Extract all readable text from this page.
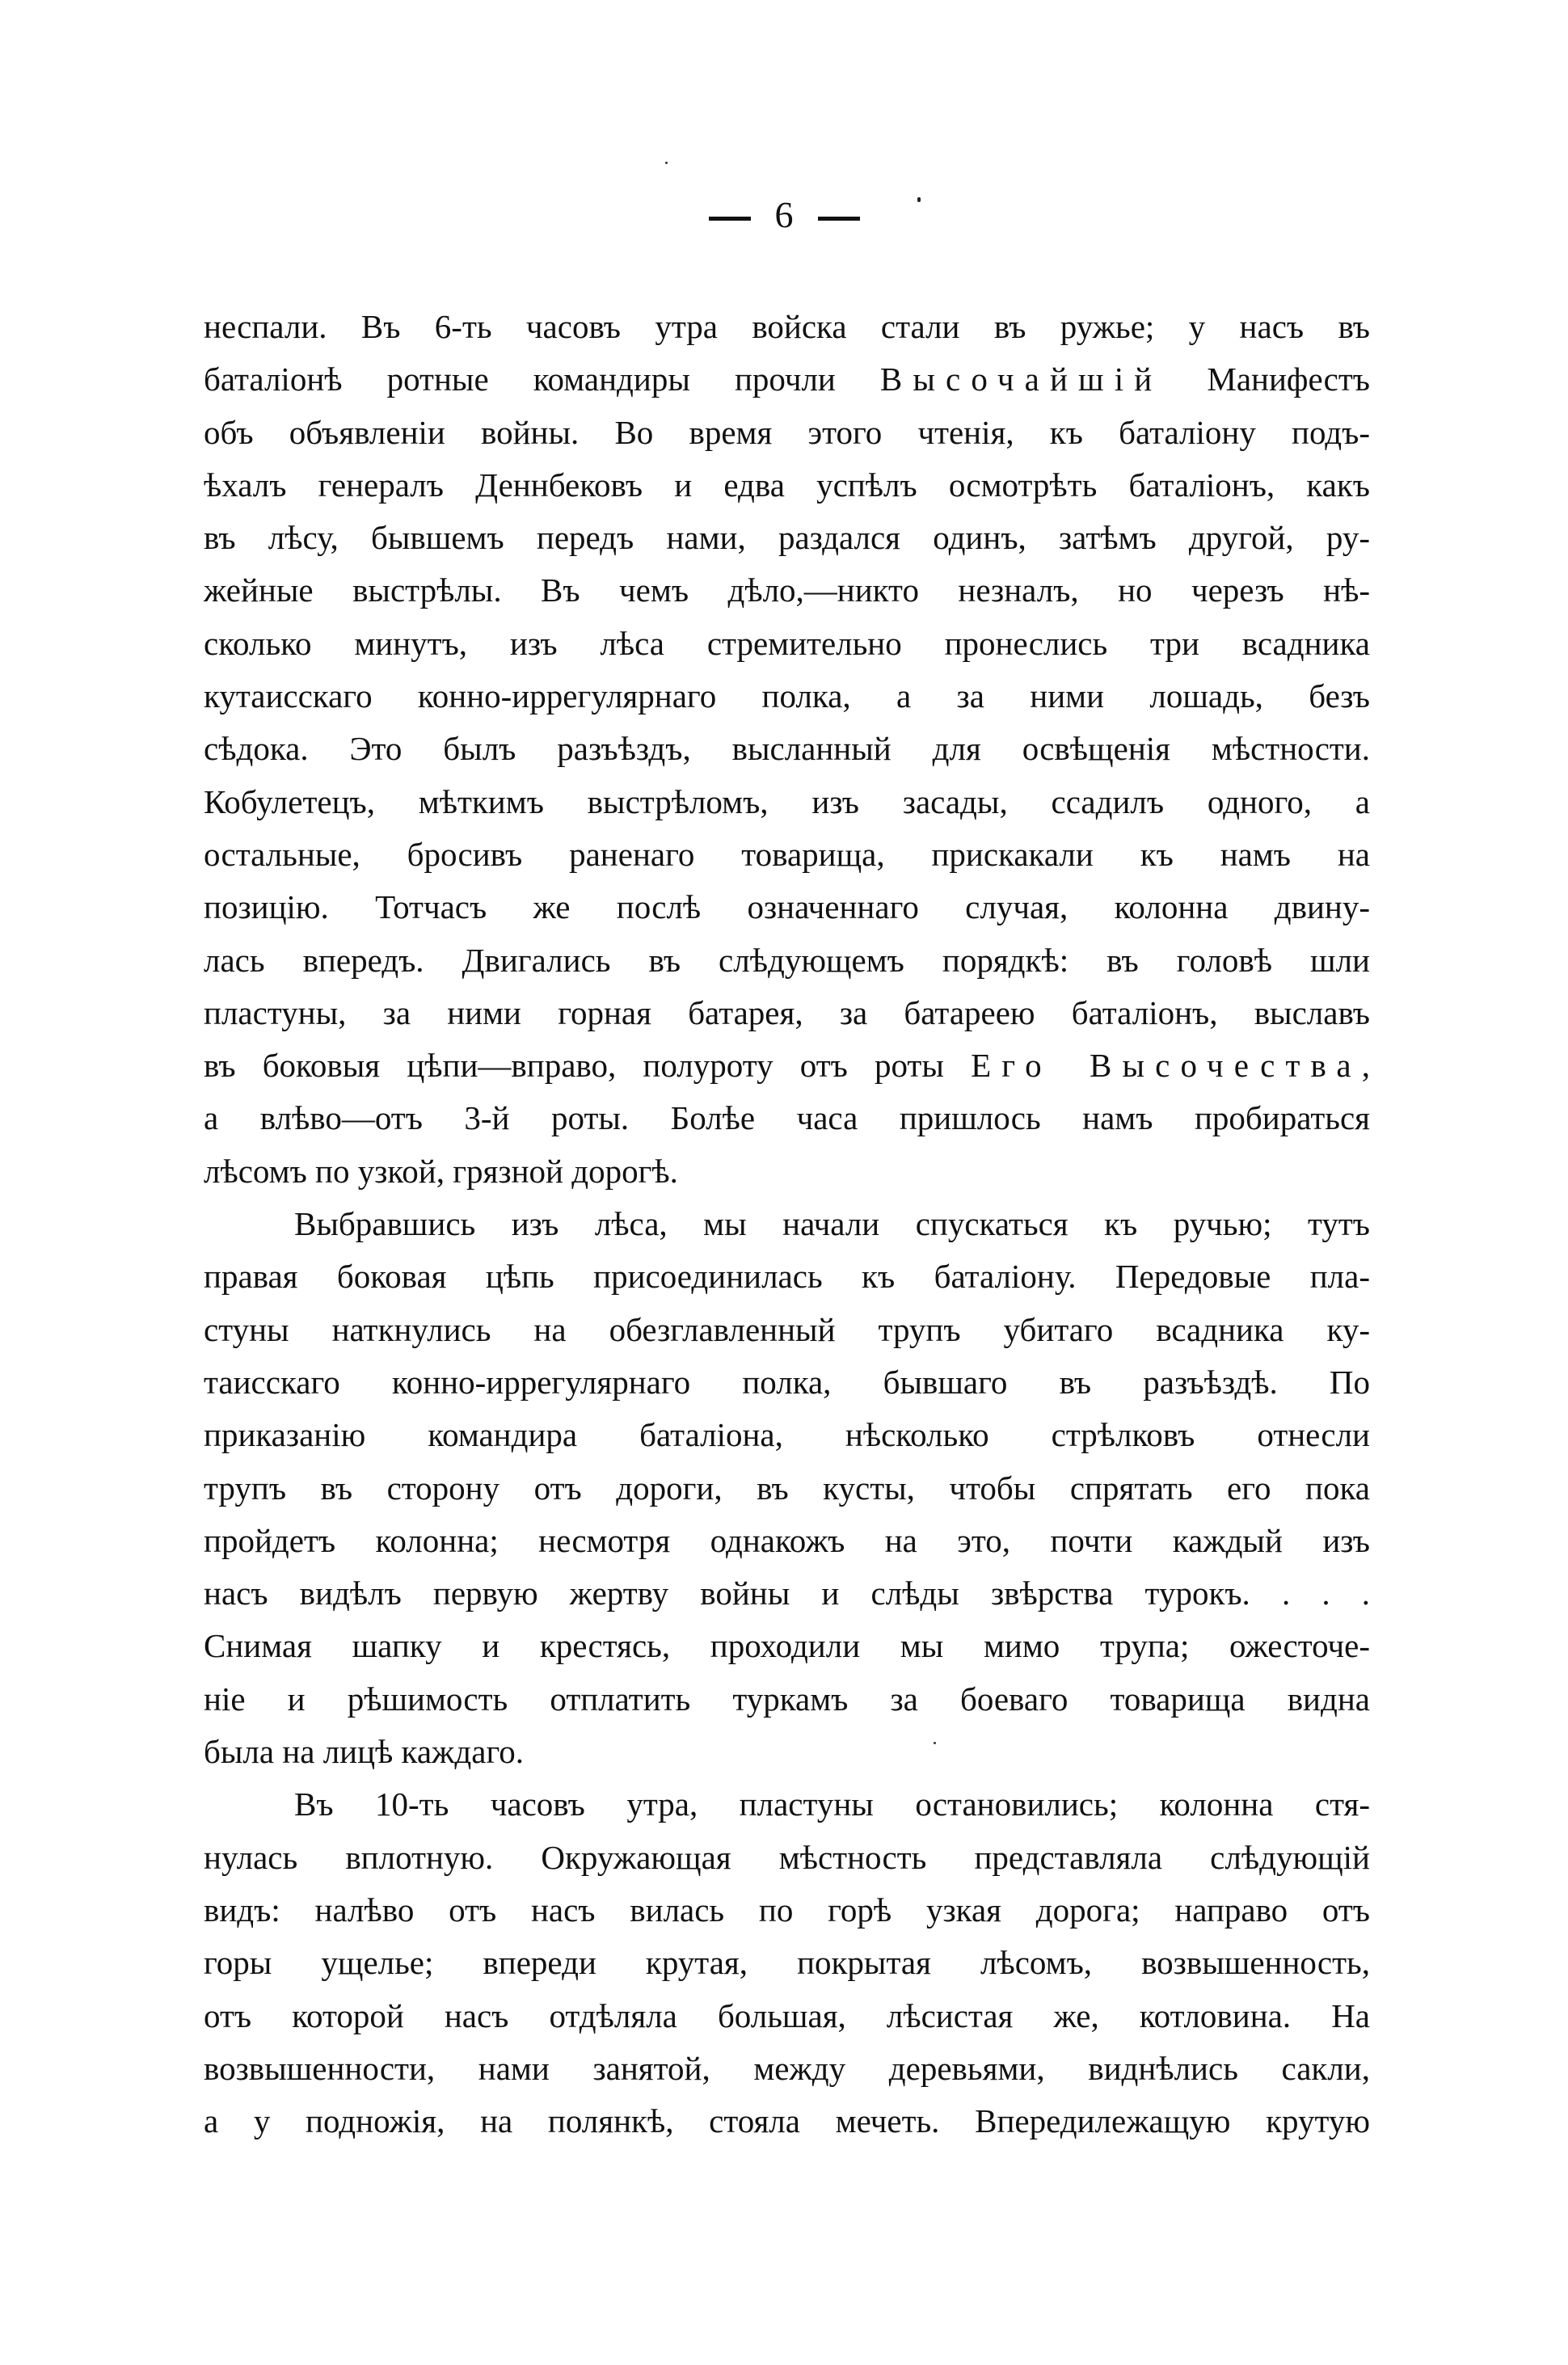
6
неспали. Въ 6-ть часовъ утра войска стали въ ружье; у насъ въ
баталіонѣ ротные командиры прочли Высочайшій Манифестъ
объ объявленіи войны. Во время этого чтенія, къ баталіону подъ-
ѣхалъ генералъ Деннбековъ и едва успѣлъ осмотрѣть баталіонъ, какъ
въ лѣсу, бывшемъ передъ нами, раздался одинъ, затѣмъ другой, ру-
жейные выстрѣлы. Въ чемъ дѣло,—никто незналъ, но черезъ нѣ-
сколько минутъ, изъ лѣса стремительно пронеслись три всадника
кутаисскаго конно-иррегулярнаго полка, а за ними лошадь, безъ
сѣдока. Это былъ разъѣздъ, высланный для освѣщенія мѣстности.
Кобулетецъ, мѣткимъ выстрѣломъ, изъ засады, ссадилъ одного, а
остальные, бросивъ раненаго товарища, прискакали къ намъ на
позицію. Тотчасъ же послѣ означеннаго случая, колонна двину-
лась впередъ. Двигались въ слѣдующемъ порядкѣ: въ головѣ шли
пластуны, за ними горная батарея, за батареею баталіонъ, выславъ
въ боковыя цѣпи—вправо, полуроту отъ роты Его Высочества,
а влѣво—отъ 3-й роты. Болѣе часа пришлось намъ пробираться
лѣсомъ по узкой, грязной дорогѣ.
Выбравшись изъ лѣса, мы начали спускаться къ ручью; тутъ
правая боковая цѣпь присоединилась къ баталіону. Передовые пла-
стуны наткнулись на обезглавленный трупъ убитаго всадника ку-
таисскаго конно-иррегулярнаго полка, бывшаго въ разъѣздѣ. По
приказанію командира баталіона, нѣсколько стрѣлковъ отнесли
трупъ въ сторону отъ дороги, въ кусты, чтобы спрятать его пока
пройдетъ колонна; несмотря однакожъ на это, почти каждый изъ
насъ видѣлъ первую жертву войны и слѣды звѣрства турокъ. . . .
Снимая шапку и крестясь, проходили мы мимо трупа; ожесточе-
ніе и рѣшимость отплатить туркамъ за боеваго товарища видна
была на лицѣ каждаго.
Въ 10-ть часовъ утра, пластуны остановились; колонна стя-
нулась вплотную. Окружающая мѣстность представляла слѣдующій
видъ: налѣво отъ насъ вилась по горѣ узкая дорога; направо отъ
горы ущелье; впереди крутая, покрытая лѣсомъ, возвышенность,
отъ которой насъ отдѣляла большая, лѣсистая же, котловина. На
возвышенности, нами занятой, между деревьями, виднѣлись сакли,
а у подножія, на полянкѣ, стояла мечеть. Впередилежащую крутую
